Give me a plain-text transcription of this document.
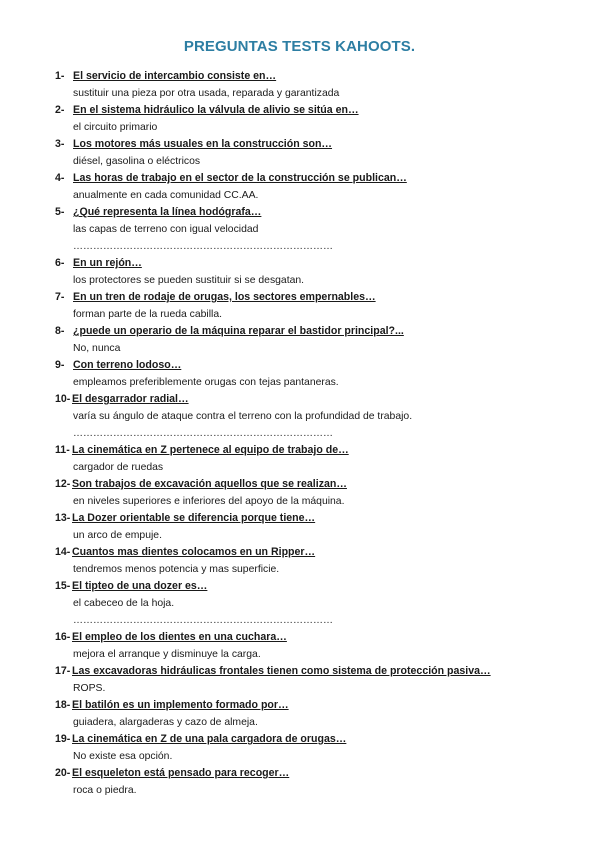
PREGUNTAS TESTS KAHOOTS.
1- El servicio de intercambio consiste en…
sustituir una pieza por otra usada, reparada y garantizada
2- En el sistema hidráulico la válvula de alivio se sitúa en…
el circuito primario
3- Los motores más usuales en la construcción son…
diésel, gasolina o eléctricos
4- Las horas de trabajo en el sector de la construcción se publican…
anualmente en cada comunidad CC.AA.
5- ¿Qué representa la línea hodógrafa…
las capas de terreno con igual velocidad
……………………………………………………………………
6- En un rejón…
los protectores se pueden sustituir si se desgatan.
7- En un tren de rodaje de orugas, los sectores empernables…
forman parte de la rueda cabilla.
8- ¿puede un operario de la máquina reparar el bastidor principal?...
No, nunca
9- Con terreno lodoso…
empleamos preferiblemente orugas con tejas pantaneras.
10- El desgarrador radial…
varía su ángulo de ataque contra el terreno con la profundidad de trabajo.
……………………………………………………………………
11- La cinemática en Z pertenece al equipo de trabajo de…
cargador de ruedas
12- Son trabajos de excavación aquellos que se realizan…
en niveles superiores e inferiores del apoyo de la máquina.
13- La Dozer orientable se diferencia porque tiene…
un arco de empuje.
14- Cuantos mas dientes colocamos en un Ripper…
tendremos menos potencia y mas superficie.
15- El tipteo de una dozer es…
el cabeceo de la hoja.
……………………………………………………………………
16- El empleo de los dientes en una cuchara…
mejora el arranque y disminuye la carga.
17- Las excavadoras hidráulicas frontales tienen como sistema de protección pasiva…
ROPS.
18- El batilón es un implemento formado por…
guiadera, alargaderas y cazo de almeja.
19- La cinemática en Z de una pala cargadora de orugas…
No existe esa opción.
20- El esqueleton está pensado para recoger…
roca o piedra.
